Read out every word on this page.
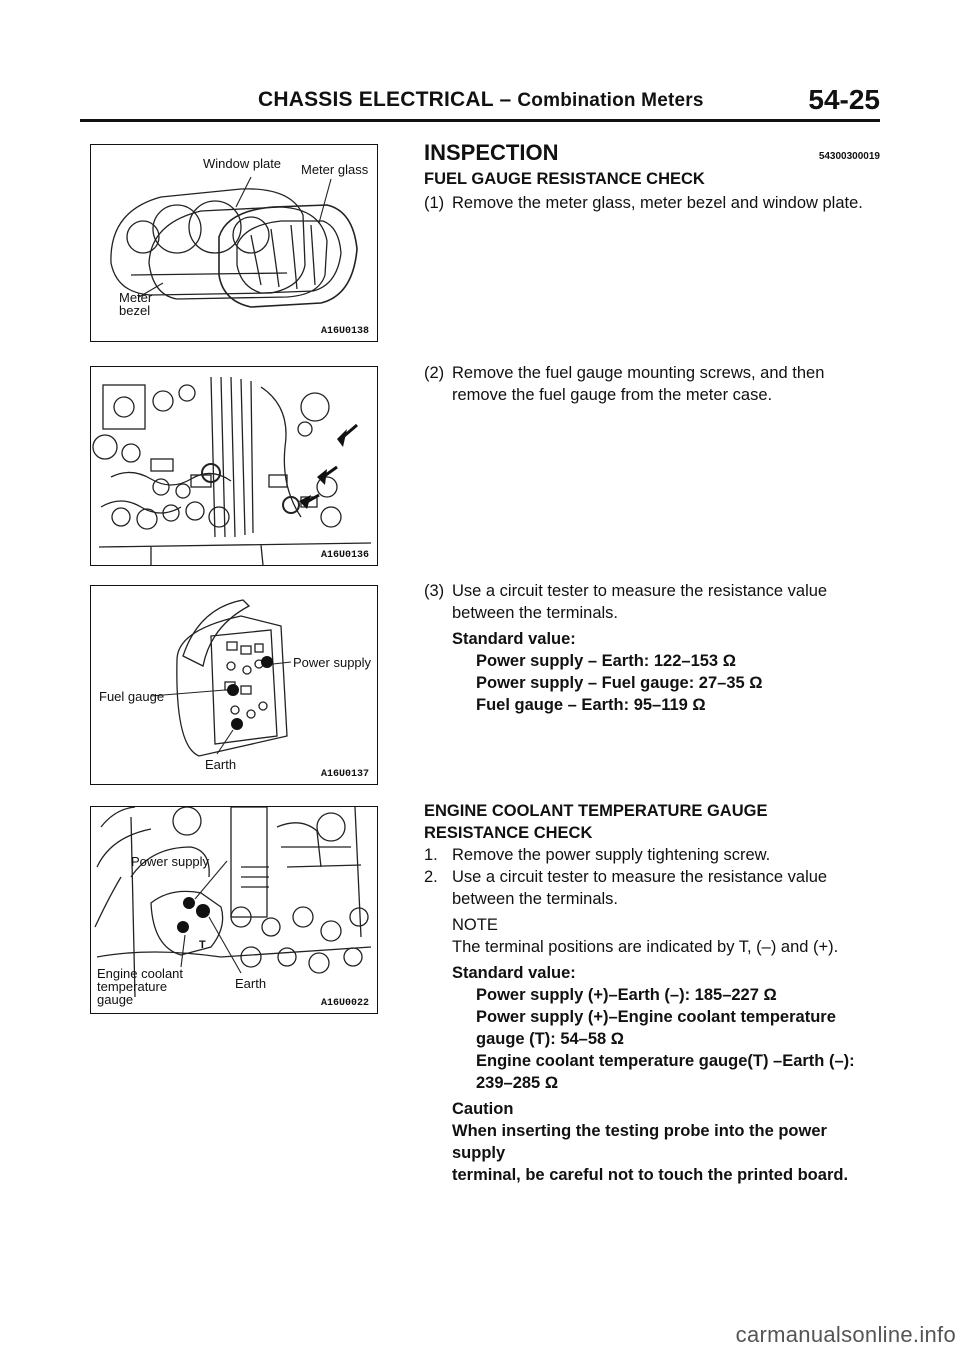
CHASSIS ELECTRICAL – Combination Meters	54-25
Window plate Meter glass
Meter
bezel
A16U0138
A16U0136
Power supply
Fuel gauge
Earth
A16U0137
Power supply
T
Engine coolant
temperature
gauge
Earth
A16U0022
INSPECTION	54300300019
FUEL GAUGE RESISTANCE CHECK
(1) Remove the meter glass, meter bezel and window plate.
(2) Remove the fuel gauge mounting screws, and then
remove the fuel gauge from the meter case.
(3) Use a circuit tester to measure the resistance value
between the terminals.
Standard value:
Power supply – Earth: 122–153 Ω
Power supply – Fuel gauge: 27–35 Ω
Fuel gauge – Earth: 95–119 Ω
ENGINE COOLANT TEMPERATURE GAUGE
RESISTANCE CHECK
1. Remove the power supply tightening screw.
2. Use a circuit tester to measure the resistance value
between the terminals.
NOTE
The terminal positions are indicated by T, (–) and (+).
Standard value:
Power supply (+)–Earth (–): 185–227 Ω
Power supply (+)–Engine coolant temperature
gauge (T): 54–58 Ω
Engine coolant temperature gauge(T) –Earth (–):
239–285 Ω
Caution
When inserting the testing probe into the power supply
terminal, be careful not to touch the printed board.
carmanualsonline.info
